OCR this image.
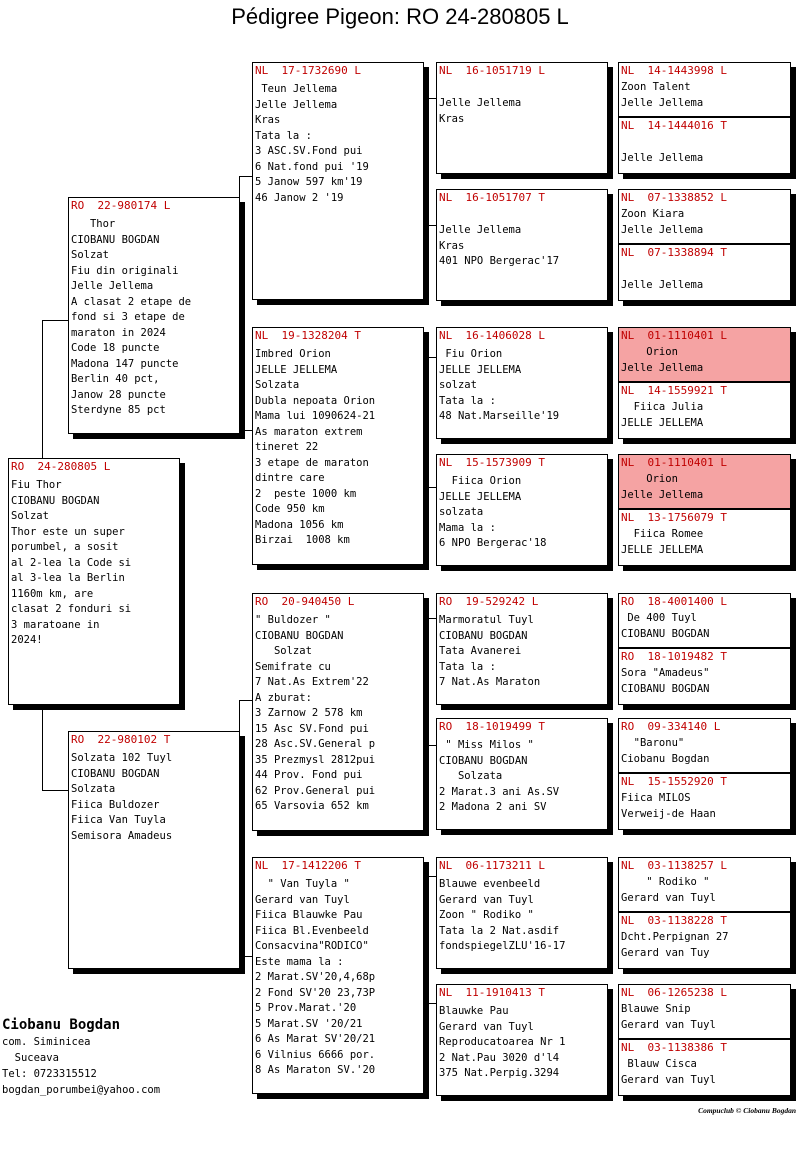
Pédigree Pigeon: RO 24-280805 L
RO  24-280805 L
Fiu Thor
CIOBANU BOGDAN
Solzat
Thor este un super
porumbel, a sosit
al 2-lea la Code si
al 3-lea la Berlin
1160m km, are
clasat 2 fonduri si
3 maratoane in
2024!
RO  22-980174 L
Thor
CIOBANU BOGDAN
Solzat
Fiu din originali
Jelle Jellema
A clasat 2 etape de
fond si 3 etape de
maraton in 2024
Code 18 puncte
Madona 147 puncte
Berlin 40 pct,
Janow 28 puncte
Sterdyne 85 pct
RO  22-980102 T
Solzata 102 Tuyl
CIOBANU BOGDAN
Solzata
Fiica Buldozer
Fiica Van Tuyla
Semisora Amadeus
NL  17-1732690 L
Teun Jellema
Jelle Jellema
Kras
Tata la :
3 ASC.SV.Fond pui
6 Nat.fond pui '19
5 Janow 597 km'19
46 Janow 2 '19
NL  19-1328204 T
Imbred Orion
JELLE JELLEMA
Solzata
Dubla nepoata Orion
Mama lui 1090624-21
As maraton extrem
tineret 22
3 etape de maraton
dintre care
2  peste 1000 km
Code 950 km
Madona 1056 km
Birzai  1008 km
RO  20-940450 L
" Buldozer "
CIOBANU BOGDAN
Solzat
Semifrate cu
7 Nat.As Extrem'22
A zburat:
3 Zarnow 2 578 km
15 Asc SV.Fond pui
28 Asc.SV.General p
35 Prezmysl 2812pui
44 Prov. Fond pui
62 Prov.General pui
65 Varsovia 652 km
NL  17-1412206 T
" Van Tuyla "
Gerard van Tuyl
Fiica Blauwke Pau
Fiica Bl.Evenbeeld
Consacvina"RODICO"
Este mama la :
2 Marat.SV'20,4,68p
2 Fond SV'20 23,73P
5 Prov.Marat.'20
5 Marat.SV '20/21
6 As Marat SV'20/21
6 Vilnius 6666 por.
8 As Maraton SV.'20
NL  16-1051719 L
Jelle Jellema
Kras
NL  16-1051707 T
Jelle Jellema
Kras
401 NPO Bergerac'17
NL  16-1406028 L
Fiu Orion
JELLE JELLEMA
solzat
Tata la :
48 Nat.Marseille'19
NL  15-1573909 T
Fiica Orion
JELLE JELLEMA
solzata
Mama la :
6 NPO Bergerac'18
RO  19-529242 L
Marmoratul Tuyl
CIOBANU BOGDAN
Tata Avanerei
Tata la :
7 Nat.As Maraton
RO  18-1019499 T
" Miss Milos "
CIOBANU BOGDAN
Solzata
2 Marat.3 ani As.SV
2 Madona 2 ani SV
NL  06-1173211 L
Blauwe evenbeeld
Gerard van Tuyl
Zoon " Rodiko "
Tata la 2 Nat.asdif
fondspiegelZLU'16-17
NL  11-1910413 T
Blauwke Pau
Gerard van Tuyl
Reproducatoarea Nr 1
2 Nat.Pau 3020 d'l4
375 Nat.Perpig.3294
NL  14-1443998 L
Zoon Talent
Jelle Jellema
NL  14-1444016 T

Jelle Jellema
NL  07-1338852 L
Zoon Kiara
Jelle Jellema
NL  07-1338894 T

Jelle Jellema
NL  01-1110401 L
Orion
Jelle Jellema
NL  14-1559921 T
Fiica Julia
JELLE JELLEMA
NL  01-1110401 L
Orion
Jelle Jellema
NL  13-1756079 T
Fiica Romee
JELLE JELLEMA
RO  18-4001400 L
De 400 Tuyl
CIOBANU BOGDAN
RO  18-1019482 T
Sora "Amadeus"
CIOBANU BOGDAN
RO  09-334140 L
"Baronu"
Ciobanu Bogdan
NL  15-1552920 T
Fiica MILOS
Verweij-de Haan
NL  03-1138257 L
" Rodiko "
Gerard van Tuyl
NL  03-1138228 T
Dcht.Perpignan 27
Gerard van Tuy
NL  06-1265238 L
Blauwe Snip
Gerard van Tuyl
NL  03-1138386 T
Blauw Cisca
Gerard van Tuyl
Ciobanu Bogdan
com. Siminicea
Suceava
Tel: 0723315512
bogdan_porumbei@yahoo.com
Compuclub © Ciobanu Bogdan
